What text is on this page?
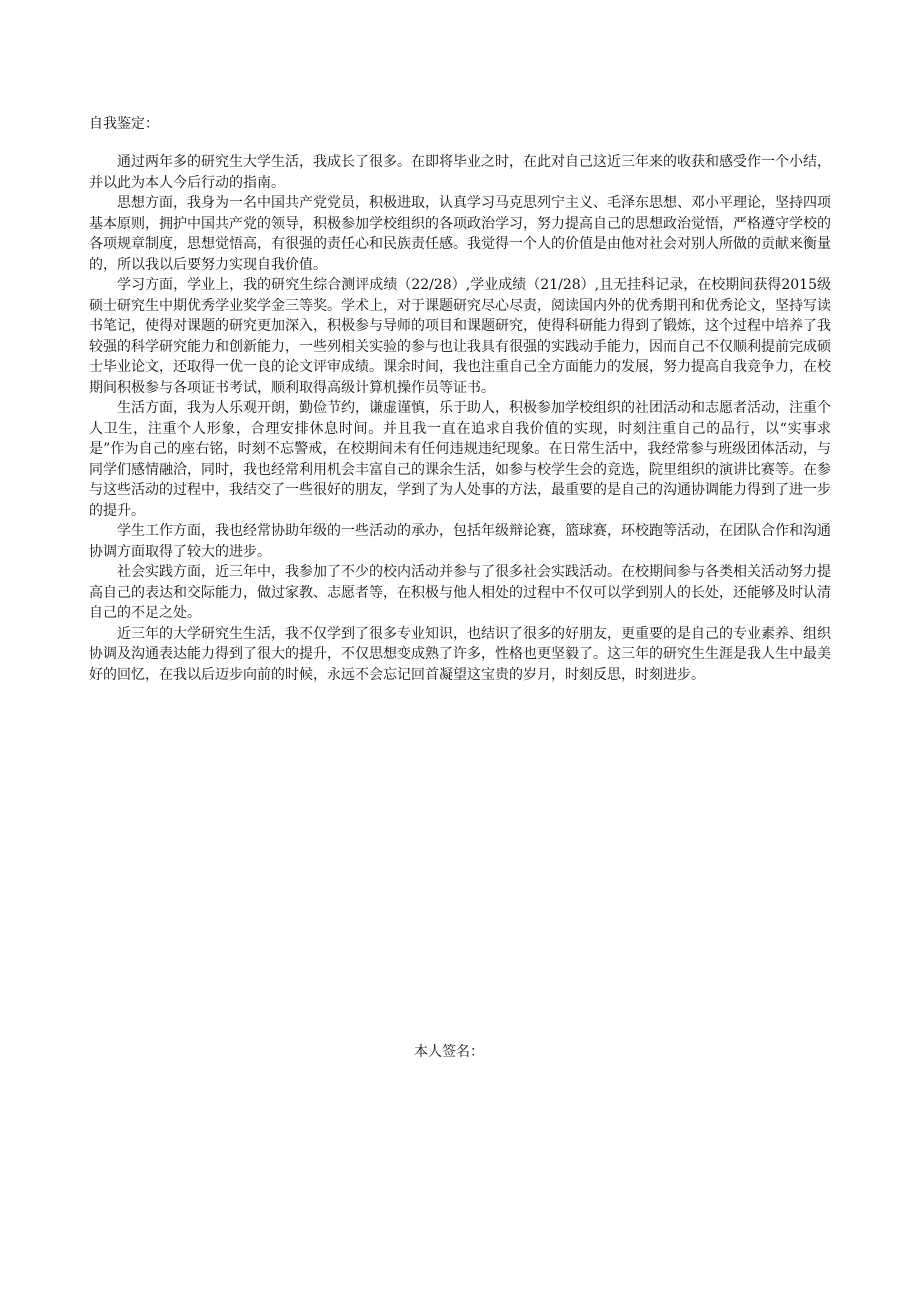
自我鉴定：

通过两年多的研究生大学生活，我成长了很多。在即将毕业之时，在此对自己这近三年来的收获和感受作一个小结，并以此为本人今后行动的指南。

思想方面，我身为一名中国共产党党员，积极进取，认真学习马克思列宁主义、毛泽东思想、邓小平理论，坚持四项基本原则，拥护中国共产党的领导，积极参加学校组织的各项政治学习，努力提高自己的思想政治觉悟，严格遵守学校的各项规章制度，思想觉悟高，有很强的责任心和民族责任感。我觉得一个人的价值是由他对社会对别人所做的贡献来衡量的，所以我以后要努力实现自我价值。

学习方面，学业上，我的研究生综合测评成绩（22/28）,学业成绩（21/28）,且无挂科记录，在校期间获得2015级硕士研究生中期优秀学业奖学金三等奖。学术上，对于课题研究尽心尽责，阅读国内外的优秀期刊和优秀论文，坚持写读书笔记，使得对课题的研究更加深入，积极参与导师的项目和课题研究，使得科研能力得到了锻炼，这个过程中培养了我较强的科学研究能力和创新能力，一些列相关实验的参与也让我具有很强的实践动手能力，因而自己不仅顺利提前完成硕士毕业论文，还取得一优一良的论文评审成绩。课余时间，我也注重自己全方面能力的发展，努力提高自我竞争力，在校期间积极参与各项证书考试，顺利取得高级计算机操作员等证书。

生活方面，我为人乐观开朗，勤俭节约，谦虚谨慎，乐于助人，积极参加学校组织的社团活动和志愿者活动，注重个人卫生，注重个人形象，合理安排休息时间。并且我一直在追求自我价值的实现，时刻注重自己的品行，以“实事求是”作为自己的座右铭，时刻不忘警戒，在校期间未有任何违规违纪现象。在日常生活中，我经常参与班级团体活动，与同学们感情融洽，同时，我也经常利用机会丰富自己的课余生活，如参与校学生会的竞选，院里组织的演讲比赛等。在参与这些活动的过程中，我结交了一些很好的朋友，学到了为人处事的方法，最重要的是自己的沟通协调能力得到了进一步的提升。

学生工作方面，我也经常协助年级的一些活动的承办，包括年级辩论赛，篮球赛，环校跑等活动，在团队合作和沟通协调方面取得了较大的进步。

社会实践方面，近三年中，我参加了不少的校内活动并参与了很多社会实践活动。在校期间参与各类相关活动努力提高自己的表达和交际能力，做过家教、志愿者等，在积极与他人相处的过程中不仅可以学到别人的长处，还能够及时认清自己的不足之处。

近三年的大学研究生生活，我不仅学到了很多专业知识，也结识了很多的好朋友，更重要的是自己的专业素养、组织协调及沟通表达能力得到了很大的提升，不仅思想变成熟了许多，性格也更坚毅了。这三年的研究生生涯是我人生中最美好的回忆，在我以后迈步向前的时候，永远不会忘记回首凝望这宝贵的岁月，时刻反思，时刻进步。

本人签名：
